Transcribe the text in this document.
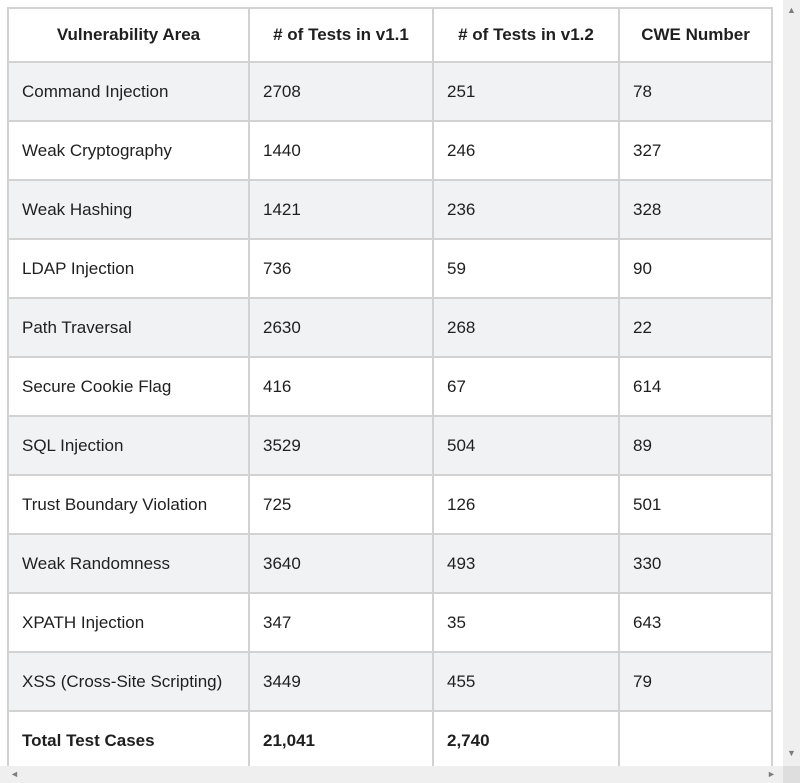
Vulnerability Area	# of Tests in v1.1	# of Tests in v1.2	CWE Number
Command Injection	2708	251	78
Weak Cryptography	1440	246	327
Weak Hashing	1421	236	328
LDAP Injection	736	59	90
Path Traversal	2630	268	22
Secure Cookie Flag	416	67	614
SQL Injection	3529	504	89
Trust Boundary Violation	725	126	501
Weak Randomness	3640	493	330
XPATH Injection	347	35	643
XSS (Cross-Site Scripting)	3449	455	79
Total Test Cases	21,041	2,740	
▲
▼
◄	►
